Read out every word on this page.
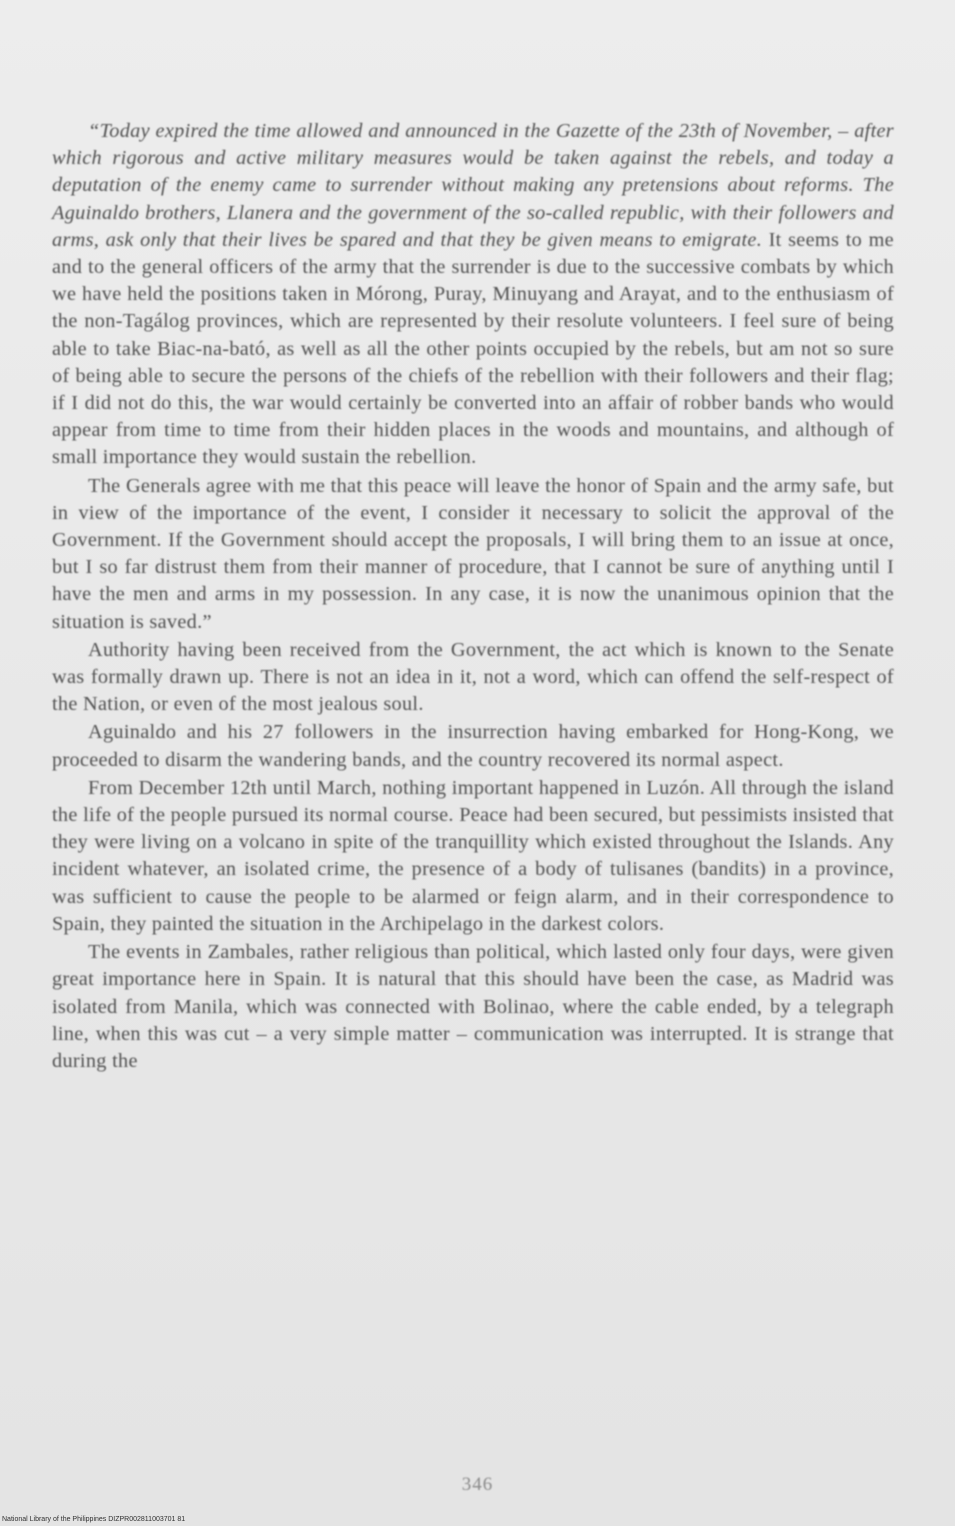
“Today expired the time allowed and announced in the Gazette of the 23th of November, – after which rigorous and active military measures would be taken against the rebels, and today a deputation of the enemy came to surrender without making any pretensions about reforms. The Aguinaldo brothers, Llanera and the government of the so-called republic, with their followers and arms, ask only that their lives be spared and that they be given means to emigrate. It seems to me and to the general officers of the army that the surrender is due to the successive combats by which we have held the positions taken in Mórong, Puray, Minuyang and Arayat, and to the enthusiasm of the non-Tagálog provinces, which are represented by their resolute volunteers. I feel sure of being able to take Biac-na-bató, as well as all the other points occupied by the rebels, but am not so sure of being able to secure the persons of the chiefs of the rebellion with their followers and their flag; if I did not do this, the war would certainly be converted into an affair of robber bands who would appear from time to time from their hidden places in the woods and mountains, and although of small importance they would sustain the rebellion.

The Generals agree with me that this peace will leave the honor of Spain and the army safe, but in view of the importance of the event, I consider it necessary to solicit the approval of the Government. If the Government should accept the proposals, I will bring them to an issue at once, but I so far distrust them from their manner of procedure, that I cannot be sure of anything until I have the men and arms in my possession. In any case, it is now the unanimous opinion that the situation is saved.”

Authority having been received from the Government, the act which is known to the Senate was formally drawn up. There is not an idea in it, not a word, which can offend the self-respect of the Nation, or even of the most jealous soul.

Aguinaldo and his 27 followers in the insurrection having embarked for Hong-Kong, we proceeded to disarm the wandering bands, and the country recovered its normal aspect.

From December 12th until March, nothing important happened in Luzón. All through the island the life of the people pursued its normal course. Peace had been secured, but pessimists insisted that they were living on a volcano in spite of the tranquillity which existed throughout the Islands. Any incident whatever, an isolated crime, the presence of a body of tulisanes (bandits) in a province, was sufficient to cause the people to be alarmed or feign alarm, and in their correspondence to Spain, they painted the situation in the Archipelago in the darkest colors.

The events in Zambales, rather religious than political, which lasted only four days, were given great importance here in Spain. It is natural that this should have been the case, as Madrid was isolated from Manila, which was connected with Bolinao, where the cable ended, by a telegraph line, when this was cut – a very simple matter – communication was interrupted. It is strange that during the

346
National Library of the Philippines DIZPR002811003701 81
